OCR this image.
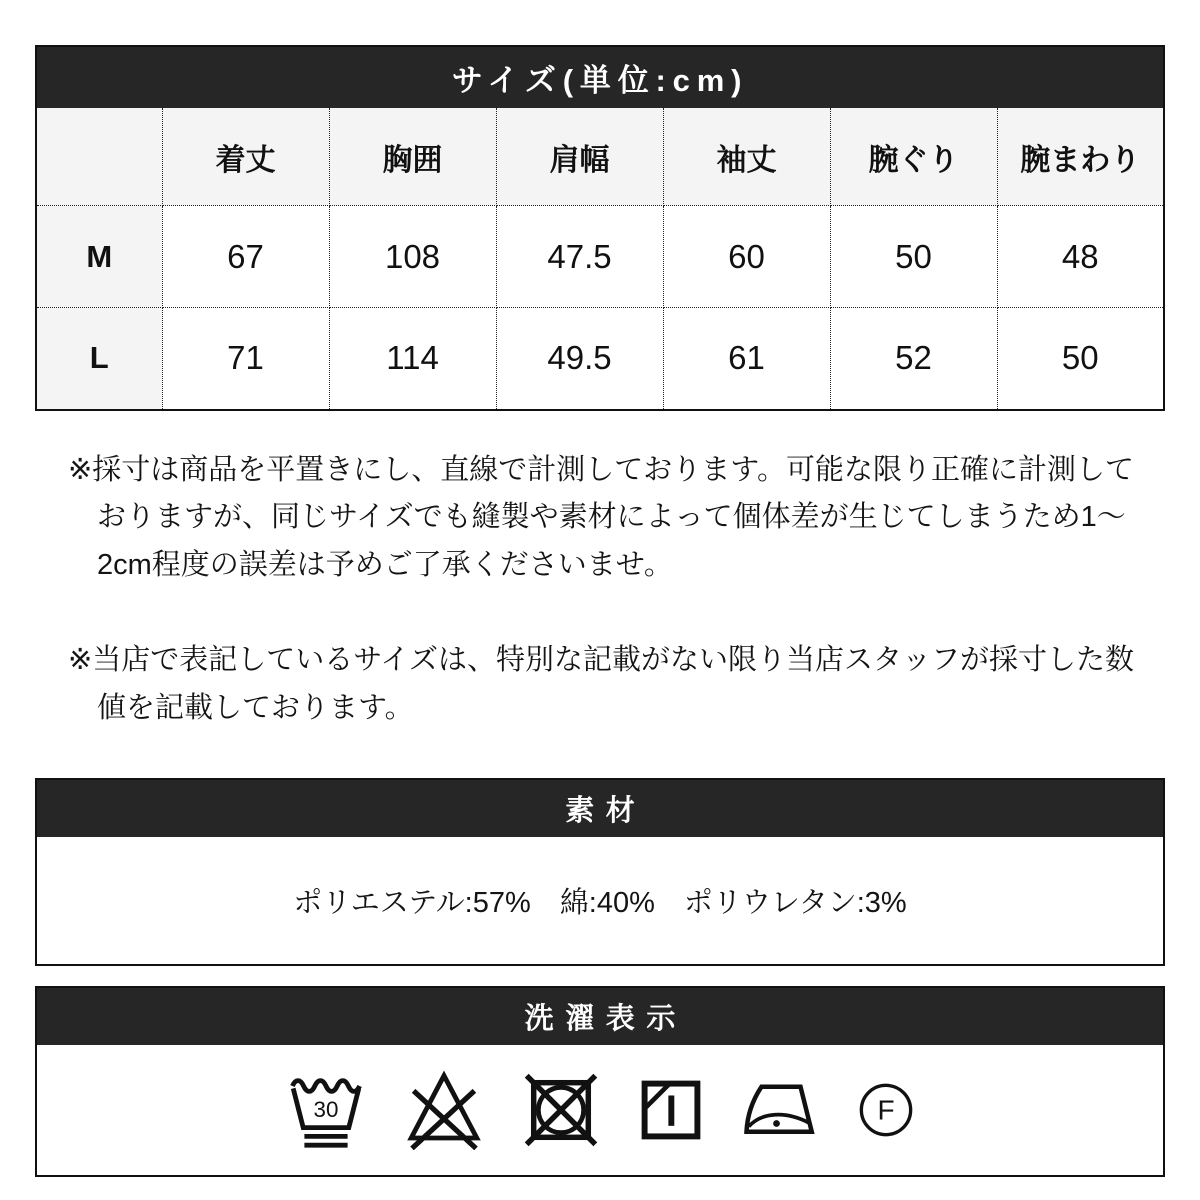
サイズ(単位:cm)						
	着丈	胸囲	肩幅	袖丈	腕ぐり	腕まわり
M	67	108	47.5	60	50	48
L	71	114	49.5	61	52	50
※採寸は商品を平置きにし、直線で計測しております。可能な限り正確に計測しておりますが、同じサイズでも縫製や素材によって個体差が生じてしまうため1〜2cm程度の誤差は予めご了承くださいませ。
※当店で表記しているサイズは、特別な記載がない限り当店スタッフが採寸した数値を記載しております。
素材
ポリエステル:57%　綿:40%　ポリウレタン:3%
洗濯表示
30	F
